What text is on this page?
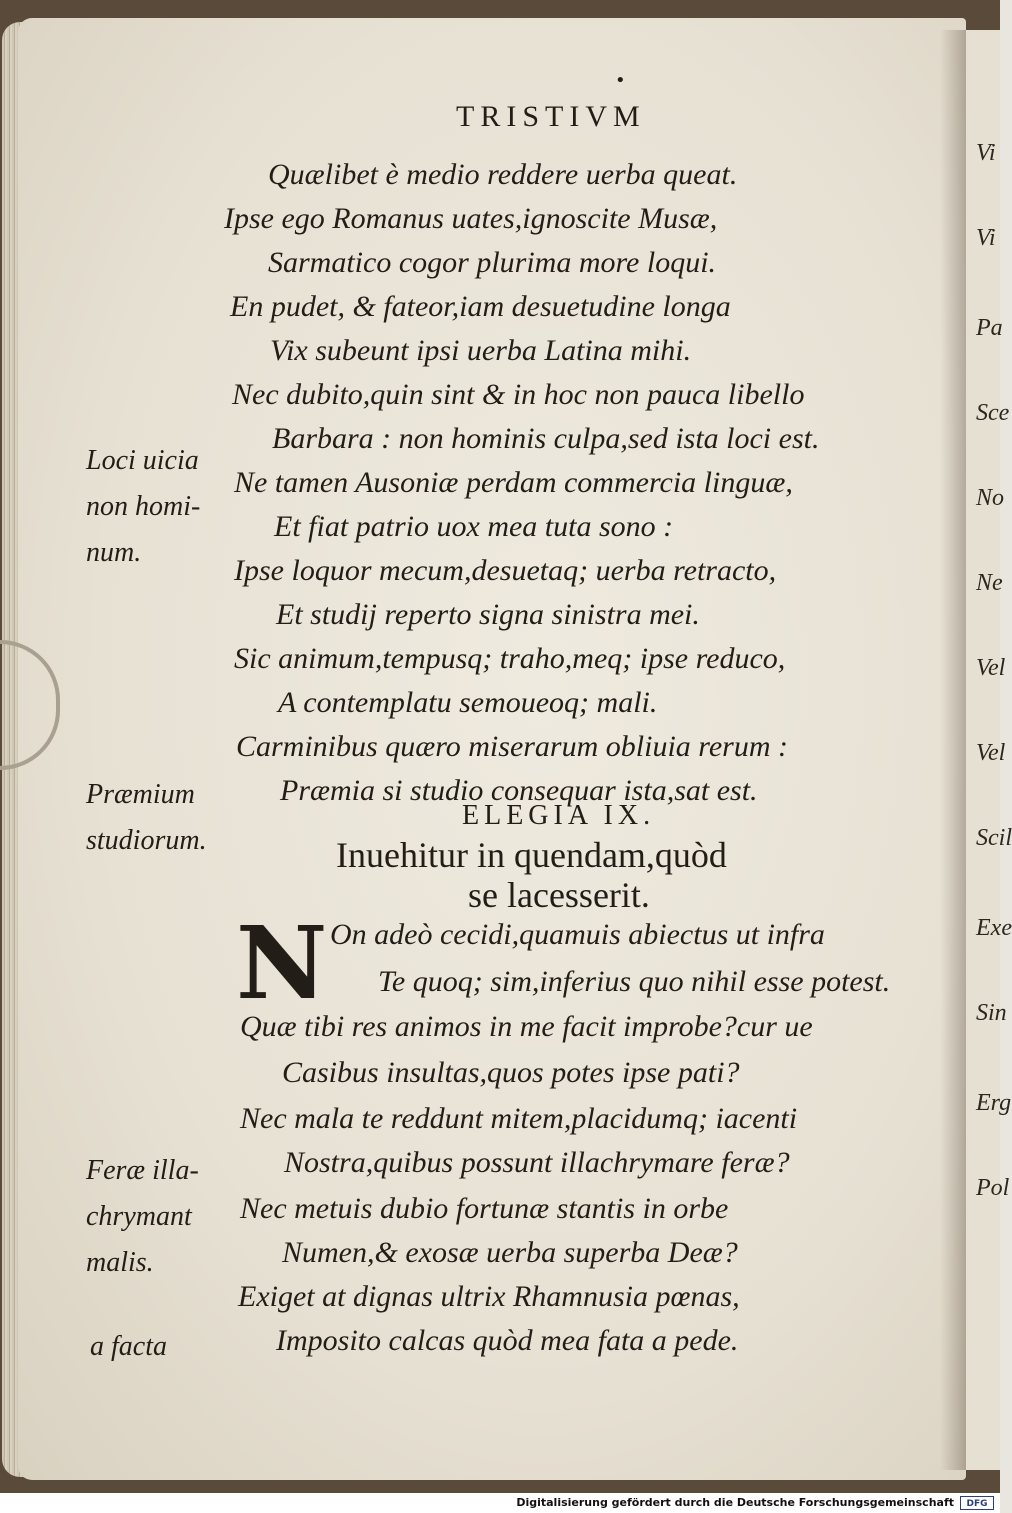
Vi
Vi
Pa
Sce
No
Ne
Vel
Vel
Scil
Exe
Sin
Erg
Pol
•
TRISTIVM
Quælibet è medio reddere uerba queat.
Ipse ego Romanus uates,ignoscite Musæ,
Sarmatico cogor plurima more loqui.
En pudet, & fateor,iam desuetudine longa
Vix subeunt ipsi uerba Latina mihi.
Nec dubito,quin sint & in hoc non pauca libello
Barbara : non hominis culpa,sed ista loci est.
Ne tamen Ausoniæ perdam commercia linguæ,
Et fiat patrio uox mea tuta sono :
Ipse loquor mecum,desuetaq; uerba retracto,
Et studij reperto signa sinistra mei.
Sic animum,tempusq; traho,meq; ipse reduco,
A contemplatu semoueoq; mali.
Carminibus quæro miserarum obliuia rerum :
Præmia si studio consequar ista,sat est.
Loci uicia
non homi-
num.
Præmium
studiorum.
Feræ illa-
chrymant
malis.
a facta
ELEGIA IX.
Inuehitur in quendam,quòd
se lacesserit.
N On adeò cecidi,quamuis abiectus ut infra
Te quoq; sim,inferius quo nihil esse potest.
Quæ tibi res animos in me facit improbe?cur ue
Casibus insultas,quos potes ipse pati?
Nec mala te reddunt mitem,placidumq; iacenti
Nostra,quibus possunt illachrymare feræ?
Nec metuis dubio fortunæ stantis in orbe
Numen,& exosæ uerba superba Deæ?
Exiget at dignas ultrix Rhamnusia pœnas,
Imposito calcas quòd mea fata a pede.
Digitalisierung gefördert durch die Deutsche Forschungsgemeinschaft	DFG
